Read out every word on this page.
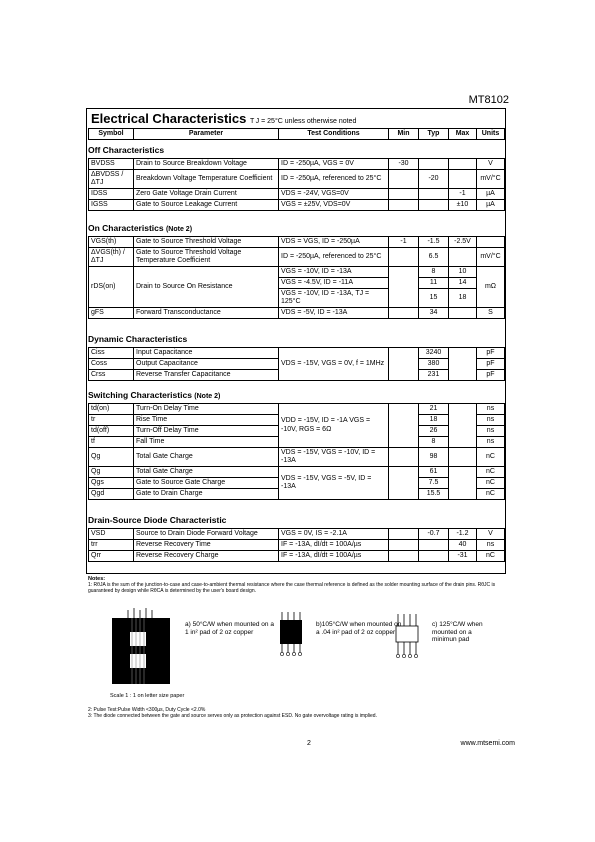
MT8102
Electrical Characteristics T J = 25°C unless otherwise noted
Symbol	Parameter	Test Conditions	Min	Typ	Max	Units
Off Characteristics
BVDSS	Drain to Source Breakdown Voltage	ID = -250µA, VGS = 0V	-30			V
ΔBVDSS / ΔTJ	Breakdown Voltage Temperature Coefficient	ID = -250µA, referenced to 25°C		-20		mV/°C
IDSS	Zero Gate Voltage Drain Current	VDS = -24V, VGS=0V			-1	µA
IGSS	Gate to Source Leakage Current	VGS = ±25V, VDS=0V			±10	µA
On Characteristics (Note 2)
VGS(th)	Gate to Source Threshold Voltage	VDS = VGS, ID = -250µA	-1	-1.5	-2.5V	
ΔVGS(th) / ΔTJ	Gate to Source Threshold Voltage Temperature Coefficient	ID = -250µA, referenced to 25°C		6.5		mV/°C
rDS(on)	Drain to Source On Resistance	VGS = -10V, ID = -13A		8	10	mΩ
		VGS = -4.5V, ID = -11A		11	14	
		VGS = -10V, ID = -13A, TJ = 125°C		15	18	
gFS	Forward Transconductance	VDS = -5V, ID = -13A		34		S
Dynamic Characteristics
Ciss	Input Capacitance	VDS = -15V, VGS = 0V, f = 1MHz		3240		pF
Coss	Output Capacitance			380		pF
Crss	Reverse Transfer Capacitance			231		pF
Switching Characteristics (Note 2)
td(on)	Turn-On Delay Time	VDD = -15V, ID = -1A VGS = -10V, RGS = 6Ω		21		ns
tr	Rise Time			18		ns
td(off)	Turn-Off Delay Time			26		ns
tf	Fall Time			8		ns
Qg	Total Gate Charge	VDS = -15V, VGS = -10V, ID = -13A		98		nC
Qg	Total Gate Charge	VDS = -15V, VGS = -5V, ID = -13A		61		nC
Qgs	Gate to Source Gate Charge			7.5		nC
Qgd	Gate to Drain Charge			15.5		nC
Drain-Source Diode Characteristic
VSD	Source to Drain Diode Forward Voltage	VGS = 0V, IS = -2.1A		-0.7	-1.2	V
trr	Reverse Recovery Time	IF = -13A, dI/dt = 100A/µs			40	ns
Qrr	Reverse Recovery Charge	IF = -13A, dI/dt = 100A/µs			-31	nC
Notes:
1: RθJA is the sum of the junction-to-case and case-to-ambient thermal resistance where the case thermal reference is defined as the solder mounting surface of the drain pins. RθJC is guaranteed by design while RθCA is determined by the user's board design.
a) 50°C/W when mounted on a 1 in² pad of 2 oz copper
b)105°C/W when mounted on a .04 in² pad of 2 oz copper
c) 125°C/W when mounted on a minimun pad
Scale 1 : 1 on letter size paper
2: Pulse Test:Pulse Width <300µs, Duty Cycle <2.0%
3: The diode connected between the gate and source serves only as protection against ESD. No gate overvoltage rating is implied.
2	www.mtsemi.com
